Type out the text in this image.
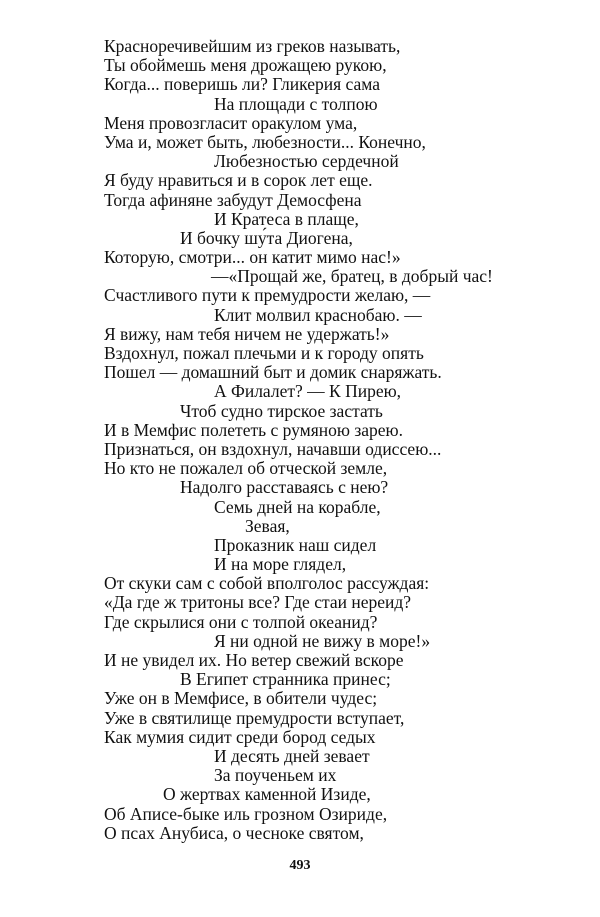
Красноречивейшим из греков называть,
Ты обоймешь меня дрожащею рукою,
Когда... поверишь ли? Гликерия сама
На площади с толпою
Меня провозгласит оракулом ума,
Ума и, может быть, любезности... Конечно,
Любезностью сердечной
Я буду нравиться и в сорок лет еще.
Тогда афиняне забудут Демосфена
И Кратеса в плаще,
И бочку шу́та Диогена,
Которую, смотри... он катит мимо нас!»
—«Прощай же, братец, в добрый час!
Счастливого пути к премудрости желаю, —
Клит молвил краснобаю. —
Я вижу, нам тебя ничем не удержать!»
Вздохнул, пожал плечьми и к городу опять
Пошел — домашний быт и домик снаряжать.
А Филалет? — К Пирею,
Чтоб судно тирское застать
И в Мемфис полететь с румяною зарею.
Признаться, он вздохнул, начавши одиссею...
Но кто не пожалел об отческой земле,
Надолго расставаясь с нею?
Семь дней на корабле,
Зевая,
Проказник наш сидел
И на море глядел,
От скуки сам с собой вполголос рассуждая:
«Да где ж тритоны все? Где стаи нереид?
Где скрылися они с толпой океанид?
Я ни одной не вижу в море!»
И не увидел их. Но ветер свежий вскоре
В Египет странника принес;
Уже он в Мемфисе, в обители чудес;
Уже в святилище премудрости вступает,
Как мумия сидит среди бород седых
И десять дней зевает
За поученьем их
О жертвах каменной Изиде,
Об Аписе-быке иль грозном Озириде,
О псах Анубиса, о чесноке святом,
493
